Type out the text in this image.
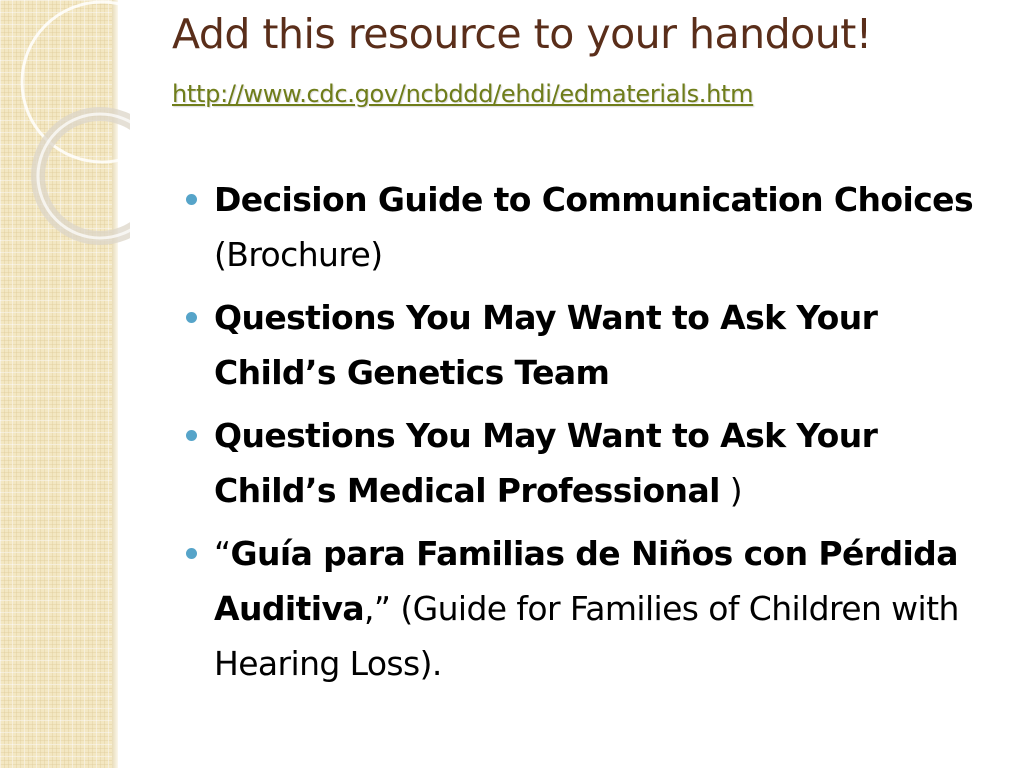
Add this resource to your handout!
http://www.cdc.gov/ncbddd/ehdi/edmaterials.htm
Decision Guide to Communication Choices (Brochure)
Questions You May Want to Ask Your Child’s Genetics Team
Questions You May Want to Ask Your Child’s Medical Professional )
“Guía para Familias de Niños con Pérdida Auditiva,” (Guide for Families of Children with Hearing Loss).
